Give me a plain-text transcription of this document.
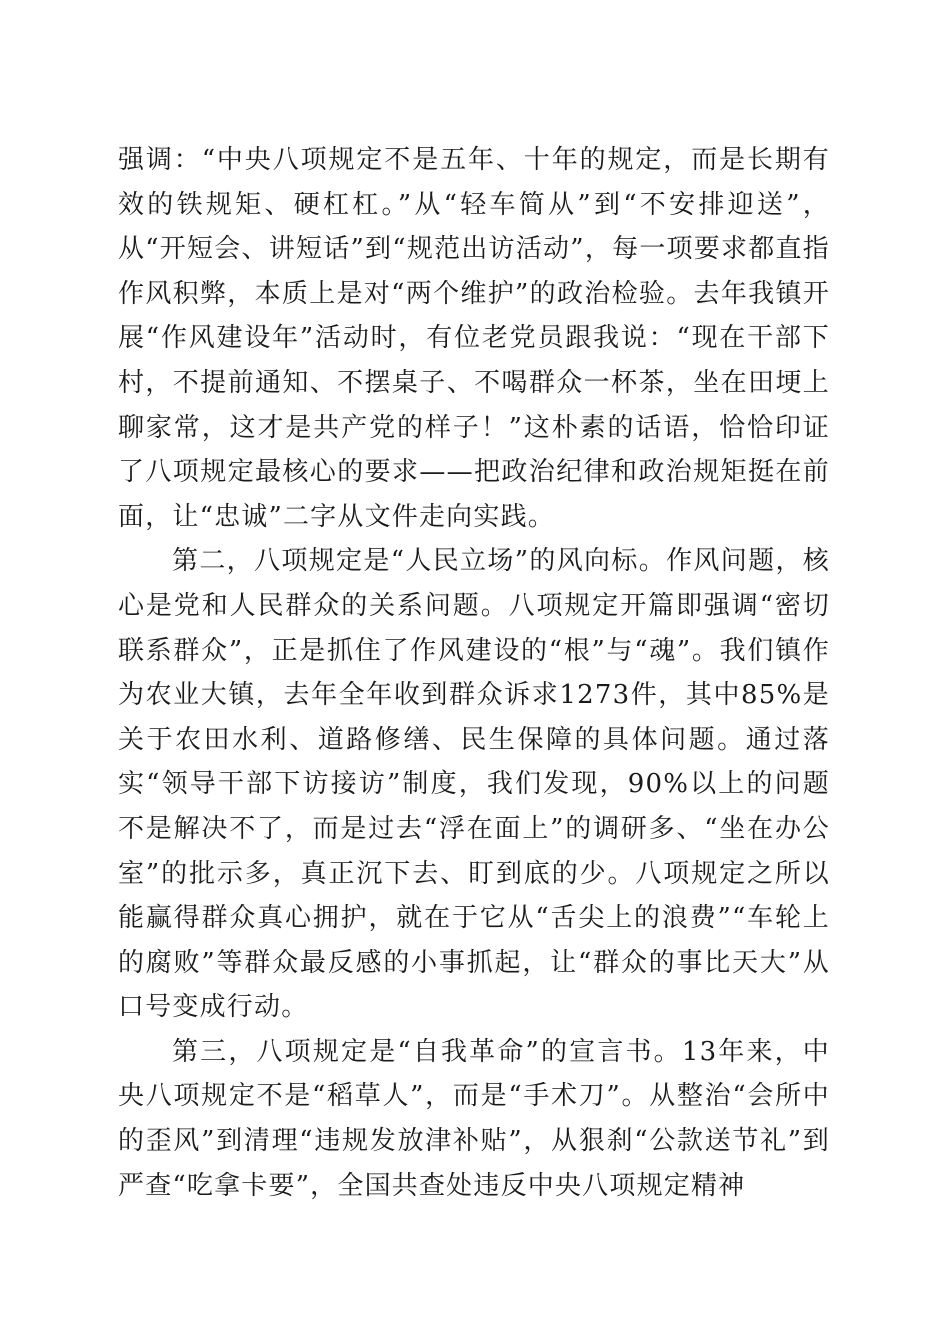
强调：“中央八项规定不是五年、十年的规定，而是长期有效的铁规矩、硬杠杠。”从“轻车简从”到“不安排迎送”，从“开短会、讲短话”到“规范出访活动”，每一项要求都直指作风积弊，本质上是对“两个维护”的政治检验。去年我镇开展“作风建设年”活动时，有位老党员跟我说：“现在干部下村，不提前通知、不摆桌子、不喝群众一杯茶，坐在田埂上聊家常，这才是共产党的样子！”这朴素的话语，恰恰印证了八项规定最核心的要求——把政治纪律和政治规矩挺在前面，让“忠诚”二字从文件走向实践。

第二，八项规定是“人民立场”的风向标。作风问题，核心是党和人民群众的关系问题。八项规定开篇即强调“密切联系群众”，正是抓住了作风建设的“根”与“魂”。我们镇作为农业大镇，去年全年收到群众诉求1273件，其中85%是关于农田水利、道路修缮、民生保障的具体问题。通过落实“领导干部下访接访”制度，我们发现，90%以上的问题不是解决不了，而是过去“浮在面上”的调研多、“坐在办公室”的批示多，真正沉下去、盯到底的少。八项规定之所以能赢得群众真心拥护，就在于它从“舌尖上的浪费”“车轮上的腐败”等群众最反感的小事抓起，让“群众的事比天大”从口号变成行动。

第三，八项规定是“自我革命”的宣言书。13年来，中央八项规定不是“稻草人”，而是“手术刀”。从整治“会所中的歪风”到清理“违规发放津补贴”，从狠刹“公款送节礼”到严查“吃拿卡要”，全国共查处违反中央八项规定精神
